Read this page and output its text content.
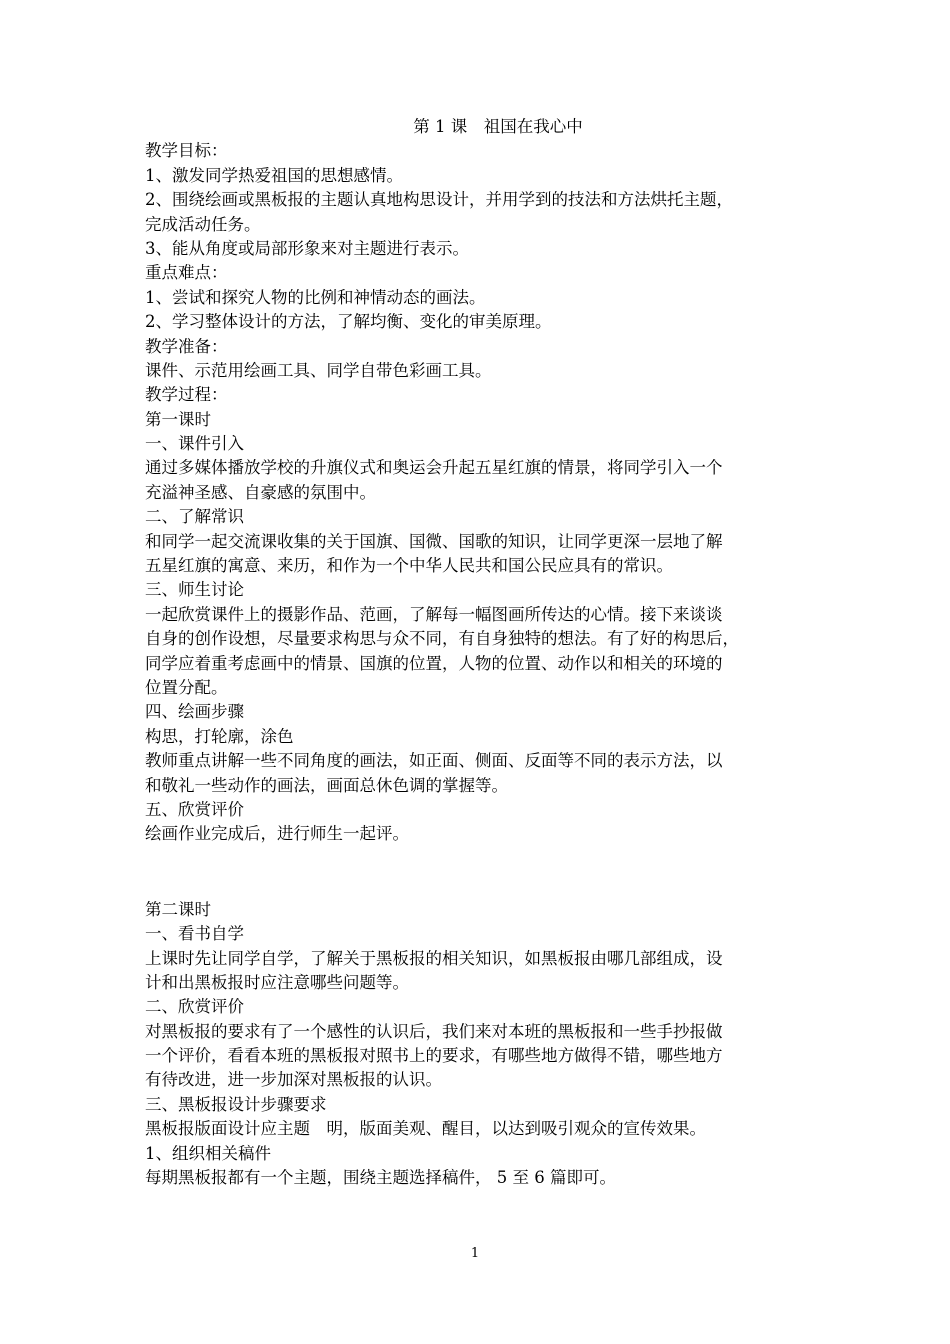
第 1 课　祖国在我心中
教学目标：
1、激发同学热爱祖国的思想感情。
2、围绕绘画或黑板报的主题认真地构思设计，并用学到的技法和方法烘托主题，
完成活动任务。
3、能从角度或局部形象来对主题进行表示。
重点难点：
1、尝试和探究人物的比例和神情动态的画法。
2、学习整体设计的方法，了解均衡、变化的审美原理。
教学准备：
课件、示范用绘画工具、同学自带色彩画工具。
教学过程：
第一课时
一、课件引入
通过多媒体播放学校的升旗仪式和奥运会升起五星红旗的情景，将同学引入一个
充溢神圣感、自豪感的氛围中。
二、了解常识
和同学一起交流课收集的关于国旗、国微、国歌的知识，让同学更深一层地了解
五星红旗的寓意、来历，和作为一个中华人民共和国公民应具有的常识。
三、师生讨论
一起欣赏课件上的摄影作品、范画，了解每一幅图画所传达的心情。接下来谈谈
自身的创作设想，尽量要求构思与众不同，有自身独特的想法。有了好的构思后，
同学应着重考虑画中的情景、国旗的位置，人物的位置、动作以和相关的环境的
位置分配。
四、绘画步骤
构思，打轮廓，涂色
教师重点讲解一些不同角度的画法，如正面、侧面、反面等不同的表示方法，以
和敬礼一些动作的画法，画面总休色调的掌握等。
五、欣赏评价
绘画作业完成后，进行师生一起评。
第二课时
一、看书自学
上课时先让同学自学，了解关于黑板报的相关知识，如黑板报由哪几部组成，设
计和出黑板报时应注意哪些问题等。
二、欣赏评价
对黑板报的要求有了一个感性的认识后，我们来对本班的黑板报和一些手抄报做
一个评价，看看本班的黑板报对照书上的要求，有哪些地方做得不错，哪些地方
有待改进，进一步加深对黑板报的认识。
三、黑板报设计步骤要求
黑板报版面设计应主题　明，版面美观、醒目，以达到吸引观众的宣传效果。
1、组织相关稿件
每期黑板报都有一个主题，围绕主题选择稿件， 5 至 6 篇即可。
1
